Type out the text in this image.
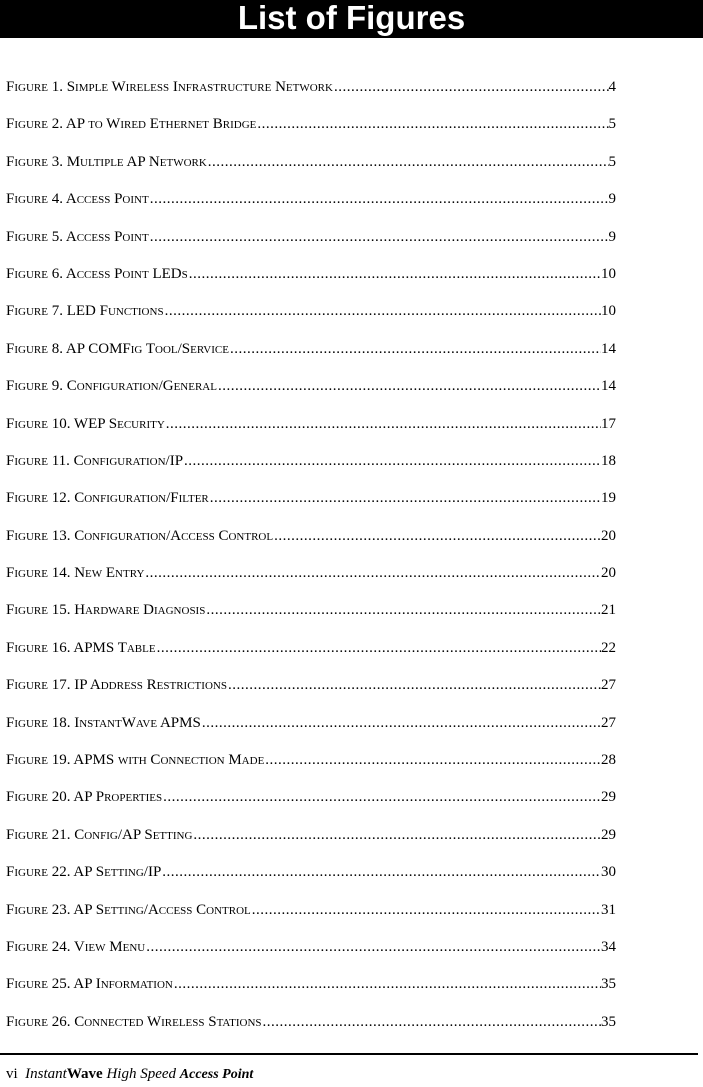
List of Figures
Figure 1. Simple Wireless Infrastructure Network .....	4
Figure 2. AP to Wired Ethernet Bridge .....	5
Figure 3. Multiple AP Network .....	5
Figure 4. Access Point .....	9
Figure 5. Access Point .....	9
Figure 6. Access Point LEDs .....	10
Figure 7. LED Functions .....	10
Figure 8. AP COMFig Tool/Service .....	14
Figure 9. Configuration/General .....	14
Figure 10. WEP Security .....	17
Figure 11. Configuration/IP .....	18
Figure 12. Configuration/Filter .....	19
Figure 13. Configuration/Access Control .....	20
Figure 14. New Entry .....	20
Figure 15. Hardware Diagnosis .....	21
Figure 16. APMS Table .....	22
Figure 17. IP Address Restrictions .....	27
Figure 18. InstantWave APMS .....	27
Figure 19. APMS with Connection Made .....	28
Figure 20. AP Properties .....	29
Figure 21. Config/AP Setting .....	29
Figure 22. AP Setting/IP .....	30
Figure 23. AP Setting/Access Control .....	31
Figure 24. View Menu .....	34
Figure 25. AP Information .....	35
Figure 26. Connected Wireless Stations .....	35
vi InstantWave High Speed Access Point
